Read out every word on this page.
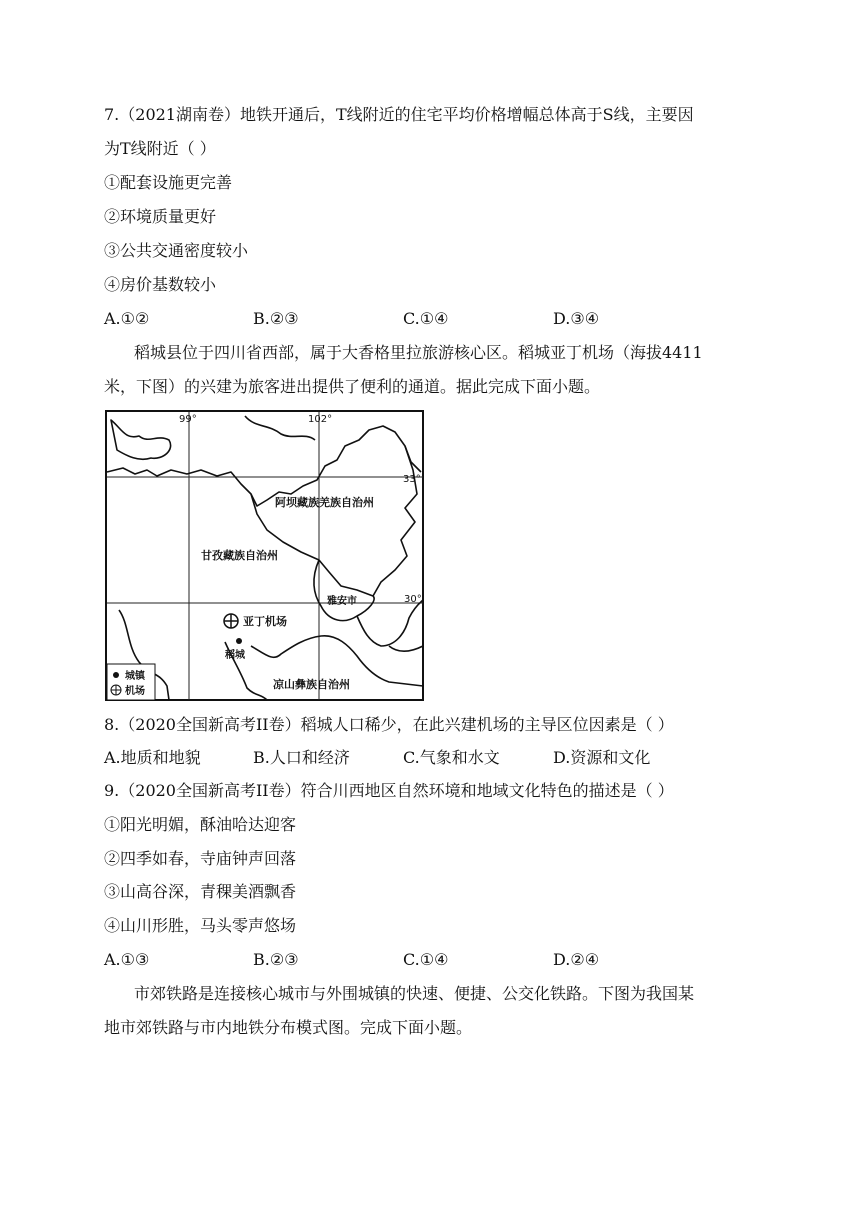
7.（2021湖南卷）地铁开通后，T线附近的住宅平均价格增幅总体高于S线，主要因
为T线附近（ ）
①配套设施更完善
②环境质量更好
③公共交通密度较小
④房价基数较小
A.①②	B.②③	C.①④	D.③④
稻城县位于四川省西部，属于大香格里拉旅游核心区。稻城亚丁机场（海拔4411
米，下图）的兴建为旅客进出提供了便利的通道。据此完成下面小题。
99°	102°
33°
30°
阿坝藏族羌族自治州
甘孜藏族自治州
凉山彝族自治州
雅安市
亚丁机场
稻城
城镇
机场
8.（2020全国新高考II卷）稻城人口稀少，在此兴建机场的主导区位因素是（ ）
A.地质和地貌	B.人口和经济	C.气象和水文	D.资源和文化
9.（2020全国新高考II卷）符合川西地区自然环境和地域文化特色的描述是（ ）
①阳光明媚，酥油哈达迎客
②四季如春，寺庙钟声回落
③山高谷深，青稞美酒飘香
④山川形胜，马头零声悠场
A.①③	B.②③	C.①④	D.②④
市郊铁路是连接核心城市与外围城镇的快速、便捷、公交化铁路。下图为我国某
地市郊铁路与市内地铁分布模式图。完成下面小题。
